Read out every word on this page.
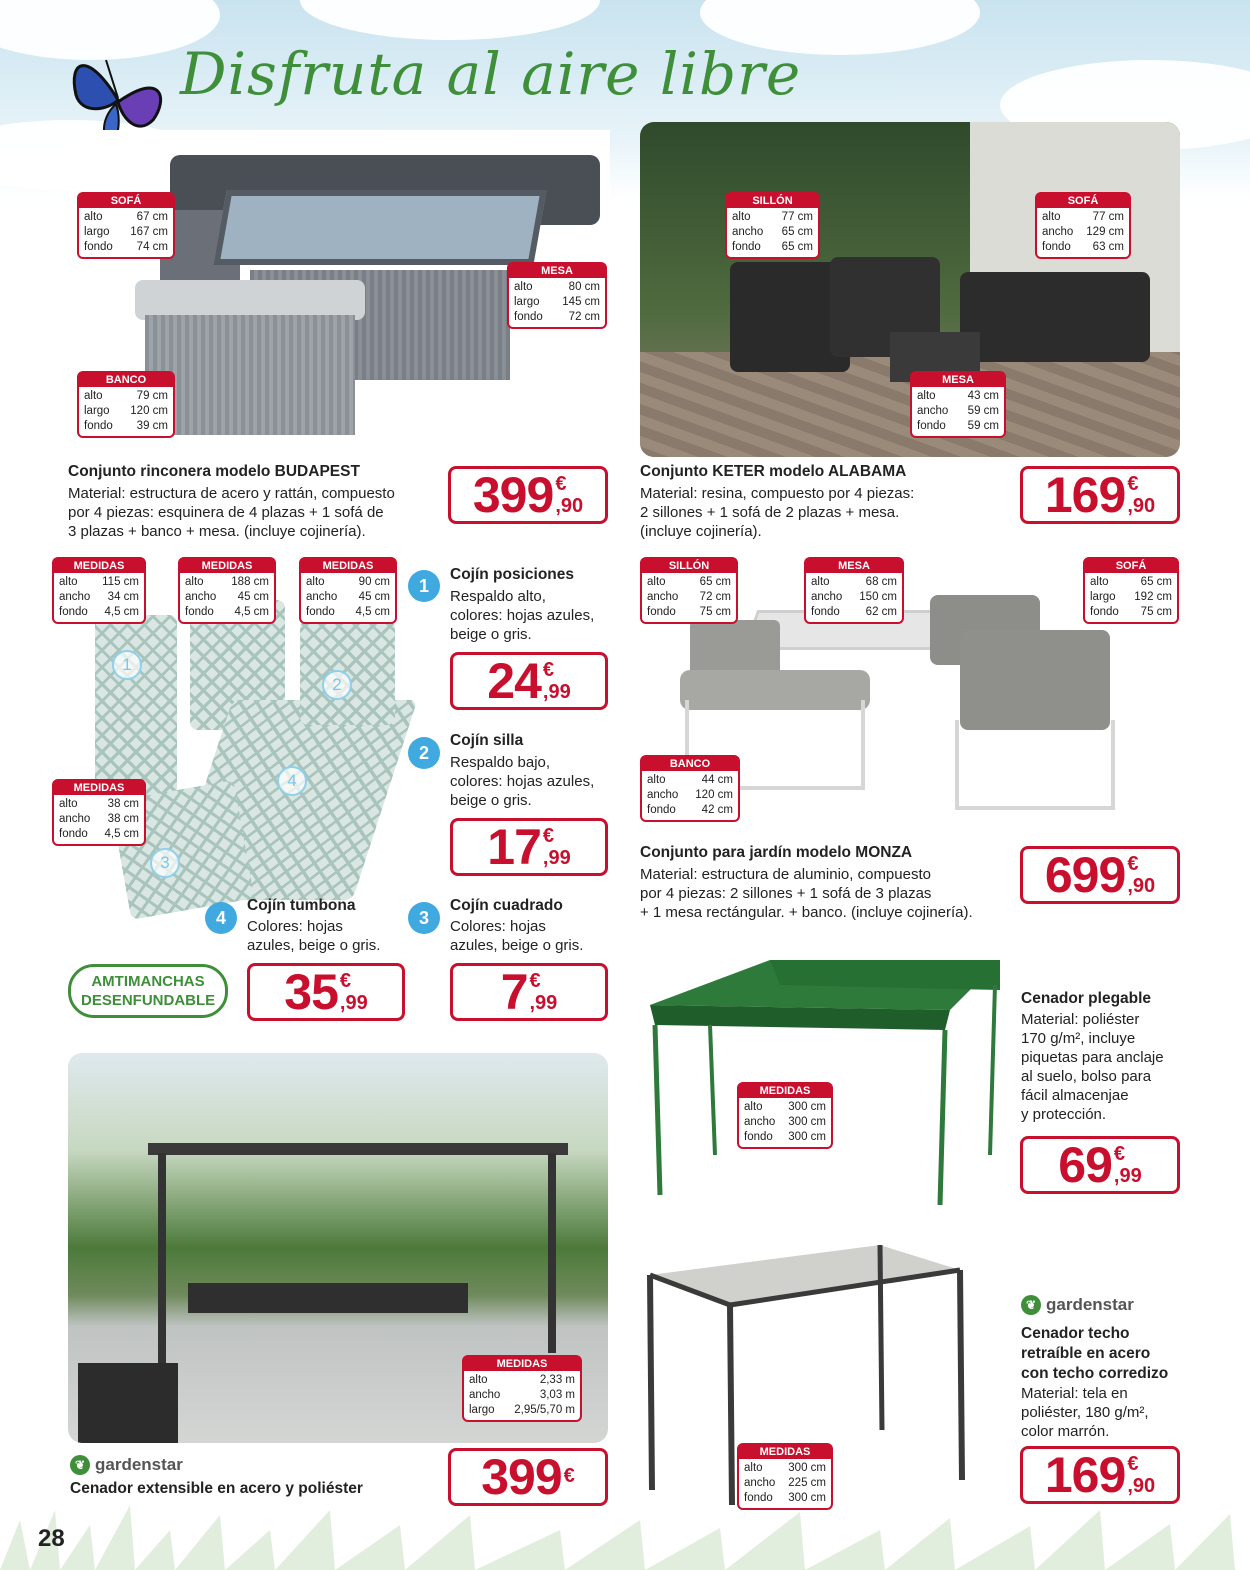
Disfruta al aire libre
SOFÁ
alto	67 cm
largo 167 cm
fondo 74 cm
MESA
alto	80 cm
largo 145 cm
fondo 72 cm
BANCO
alto	79 cm
largo 120 cm
fondo 39 cm
Conjunto rinconera modelo BUDAPEST
Material: estructura de acero y rattán, compuesto
por 4 piezas: esquinera de 4 plazas + 1 sofá de
3 plazas + banco + mesa. (incluye cojinería).
399 €
,90
SILLÓN
alto	77 cm
ancho 65 cm
fondo 65 cm
SOFÁ
alto	77 cm
ancho 129 cm
fondo 63 cm
MESA
alto	43 cm
ancho 59 cm
fondo 59 cm
Conjunto KETER modelo ALABAMA
Material: resina, compuesto por 4 piezas:
2 sillones + 1 sofá de 2 plazas + mesa.
(incluye cojinería).
169 €
,90
1
2
3
4
MEDIDAS
alto 115 cm
ancho 34 cm
fondo 4,5 cm
MEDIDAS
alto 188 cm
ancho 45 cm
fondo 4,5 cm
MEDIDAS
alto	90 cm
ancho 45 cm
fondo 4,5 cm
MEDIDAS
alto	38 cm
ancho 38 cm
fondo 4,5 cm
1
Cojín posiciones
Respaldo alto,
colores: hojas azules,
beige o gris.
24 €
,99
2
Cojín silla
Respaldo bajo,
colores: hojas azules,
beige o gris.
17 €
,99
4
Cojín tumbona
Colores: hojas
azules, beige o gris.
35 €
,99
3
Cojín cuadrado
Colores: hojas
azules, beige o gris.
7 €
,99
AMTIMANCHAS
DESENFUNDABLE
SILLÓN
alto	65 cm
ancho 72 cm
fondo 75 cm
MESA
alto	68 cm
ancho 150 cm
fondo 62 cm
SOFÁ
alto	65 cm
largo 192 cm
fondo 75 cm
BANCO
alto	44 cm
ancho 120 cm
fondo 42 cm
Conjunto para jardín modelo MONZA
Material: estructura de aluminio, compuesto
por 4 piezas: 2 sillones + 1 sofá de 3 plazas
+ 1 mesa rectángular. + banco. (incluye cojinería).
699 €
,90
MEDIDAS
alto 300 cm
ancho 300 cm
fondo 300 cm
Cenador plegable
Material: poliéster
170 g/m², incluye
piquetas para anclaje
al suelo, bolso para
fácil almacenjae
y protección.
69 €
,99
MEDIDAS
alto 300 cm
ancho 225 cm
fondo 300 cm
❦ gardenstar
Cenador techo
retraíble en acero
con techo corredizo
Material: tela en
poliéster, 180 g/m²,
color marrón.
169 €
,90
MEDIDAS
alto	2,33 m
ancho	3,03 m
largo 2,95/5,70 m
❦ gardenstar
Cenador extensible en acero y poliéster 399 €
28
